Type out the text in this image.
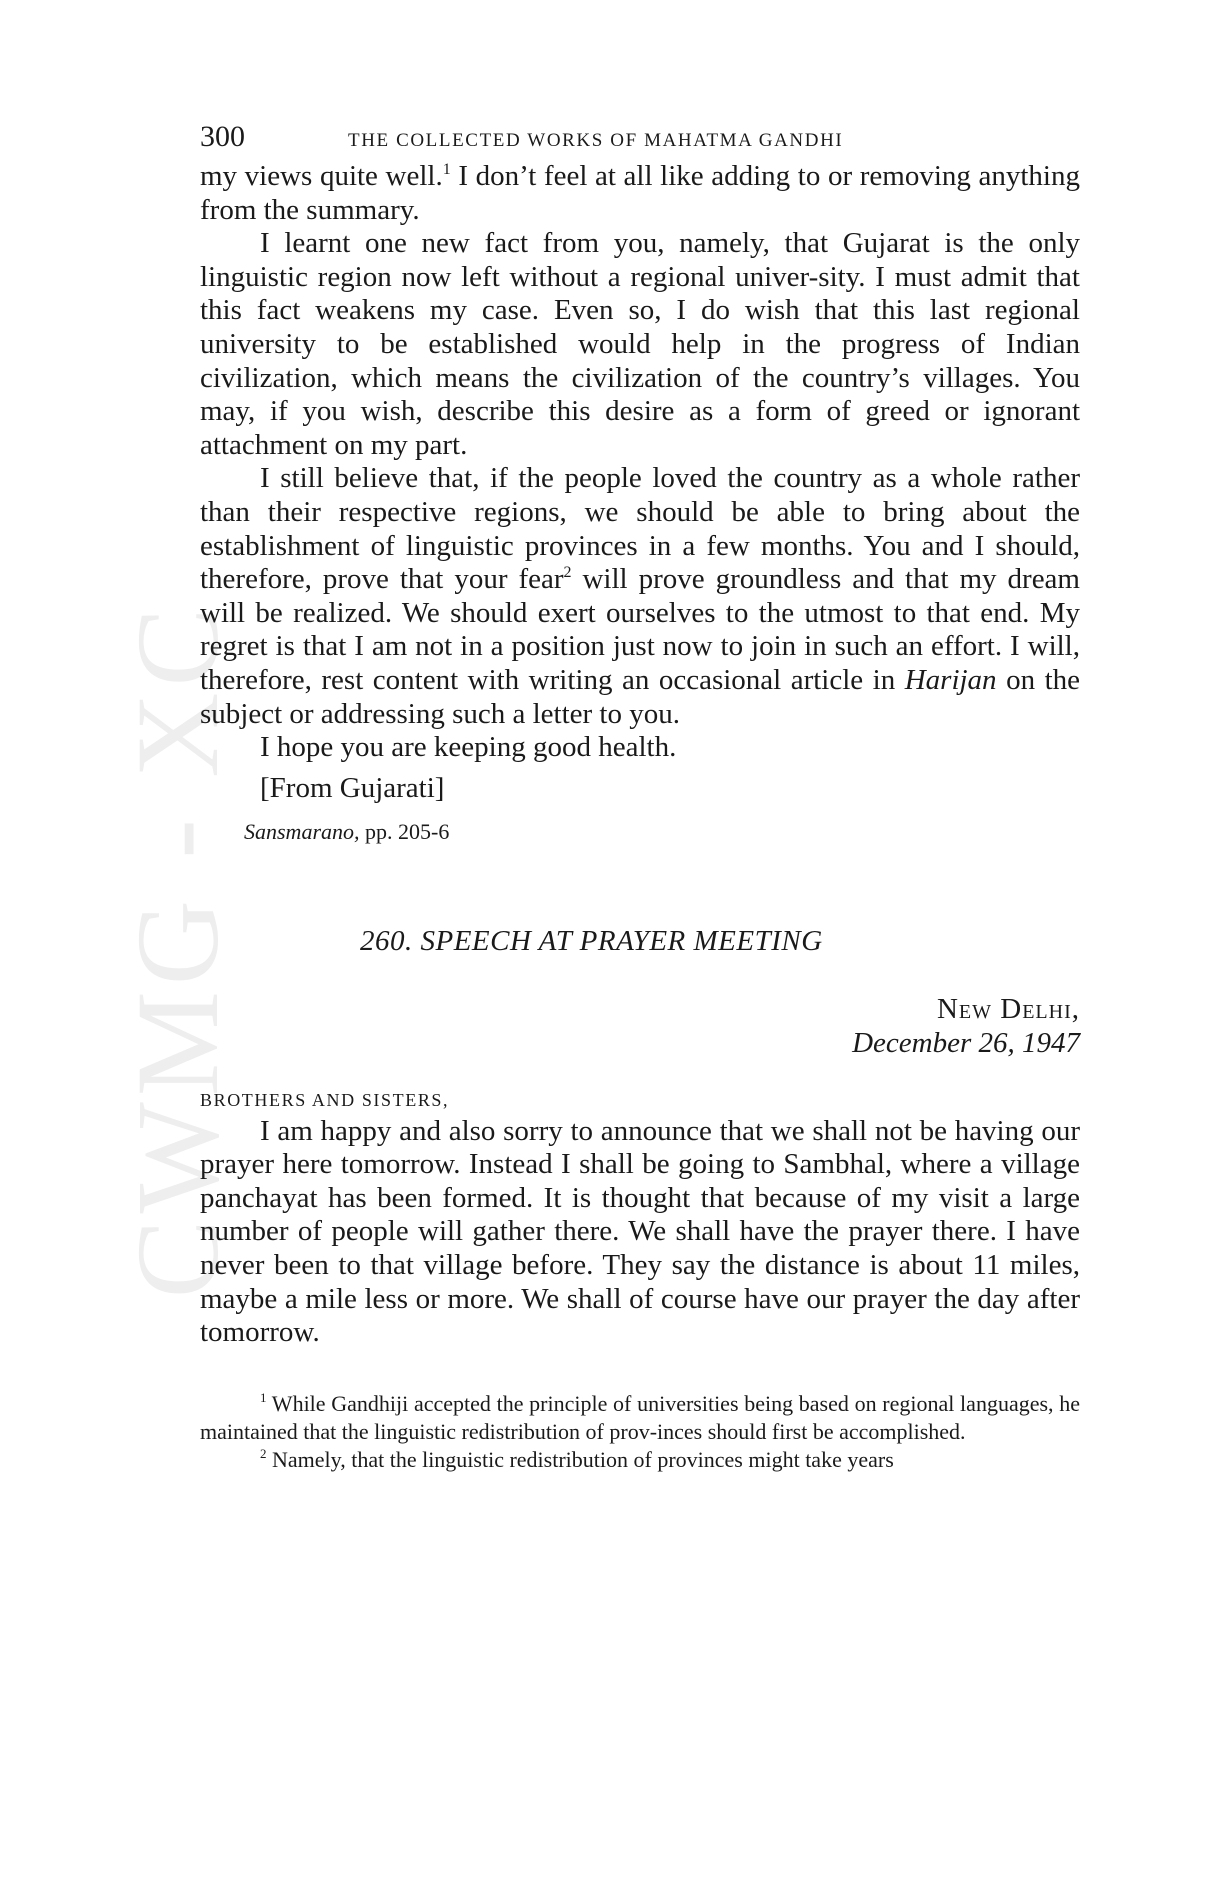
CWMG - XC
300	THE COLLECTED WORKS OF MAHATMA GANDHI

my views quite well.$^1$ I don’t feel at all like adding to or removing anything from the summary.

I learnt one new fact from you, namely, that Gujarat is the only linguistic region now left without a regional univer-sity. I must admit that this fact weakens my case. Even so, I do wish that this last regional university to be established would help in the progress of Indian civilization, which means the civilization of the country’s villages. You may, if you wish, describe this desire as a form of greed or ignorant attachment on my part.

I still believe that, if the people loved the country as a whole rather than their respective regions, we should be able to bring about the establishment of linguistic provinces in a few months. You and I should, therefore, prove that your fear$^2$ will prove groundless and that my dream will be realized. We should exert ourselves to the utmost to that end. My regret is that I am not in a position just now to join in such an effort. I will, therefore, rest content with writing an occasional article in Harijan on the subject or addressing such a letter to you.

I hope you are keeping good health.

[From Gujarati]
Sansmarano, pp. 205-6
260. SPEECH AT PRAYER MEETING
New Delhi,
December 26, 1947
BROTHERS AND SISTERS,

I am happy and also sorry to announce that we shall not be having our prayer here tomorrow. Instead I shall be going to Sambhal, where a village panchayat has been formed. It is thought that because of my visit a large number of people will gather there. We shall have the prayer there. I have never been to that village before. They say the distance is about 11 miles, maybe a mile less or more. We shall of course have our prayer the day after tomorrow.

$^1$ While Gandhiji accepted the principle of universities being based on regional languages, he maintained that the linguistic redistribution of prov-inces should first be accomplished.

$^2$ Namely, that the linguistic redistribution of provinces might take years
